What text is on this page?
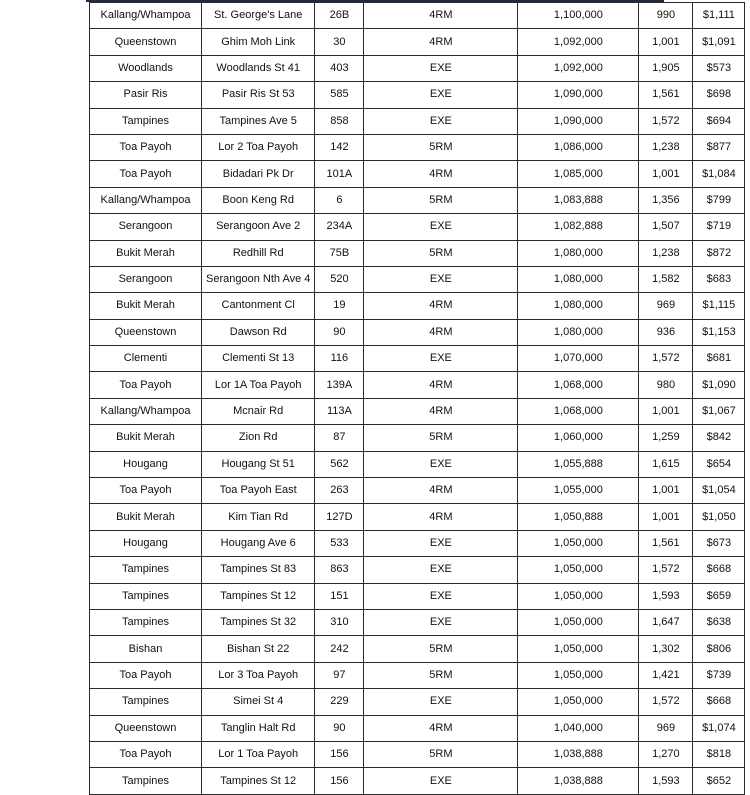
Kallang/Whampoa	St. George's Lane	26B	4RM	1,100,000	990	$1,111
Queenstown	Ghim Moh Link	30	4RM	1,092,000	1,001	$1,091
Woodlands	Woodlands St 41	403	EXE	1,092,000	1,905	$573
Pasir Ris	Pasir Ris St 53	585	EXE	1,090,000	1,561	$698
Tampines	Tampines Ave 5	858	EXE	1,090,000	1,572	$694
Toa Payoh	Lor 2 Toa Payoh	142	5RM	1,086,000	1,238	$877
Toa Payoh	Bidadari Pk Dr	101A	4RM	1,085,000	1,001	$1,084
Kallang/Whampoa	Boon Keng Rd	6	5RM	1,083,888	1,356	$799
Serangoon	Serangoon Ave 2	234A	EXE	1,082,888	1,507	$719
Bukit Merah	Redhill Rd	75B	5RM	1,080,000	1,238	$872
Serangoon	Serangoon Nth Ave 4	520	EXE	1,080,000	1,582	$683
Bukit Merah	Cantonment Cl	19	4RM	1,080,000	969	$1,115
Queenstown	Dawson Rd	90	4RM	1,080,000	936	$1,153
Clementi	Clementi St 13	116	EXE	1,070,000	1,572	$681
Toa Payoh	Lor 1A Toa Payoh	139A	4RM	1,068,000	980	$1,090
Kallang/Whampoa	Mcnair Rd	113A	4RM	1,068,000	1,001	$1,067
Bukit Merah	Zion Rd	87	5RM	1,060,000	1,259	$842
Hougang	Hougang St 51	562	EXE	1,055,888	1,615	$654
Toa Payoh	Toa Payoh East	263	4RM	1,055,000	1,001	$1,054
Bukit Merah	Kim Tian Rd	127D	4RM	1,050,888	1,001	$1,050
Hougang	Hougang Ave 6	533	EXE	1,050,000	1,561	$673
Tampines	Tampines St 83	863	EXE	1,050,000	1,572	$668
Tampines	Tampines St 12	151	EXE	1,050,000	1,593	$659
Tampines	Tampines St 32	310	EXE	1,050,000	1,647	$638
Bishan	Bishan St 22	242	5RM	1,050,000	1,302	$806
Toa Payoh	Lor 3 Toa Payoh	97	5RM	1,050,000	1,421	$739
Tampines	Simei St 4	229	EXE	1,050,000	1,572	$668
Queenstown	Tanglin Halt Rd	90	4RM	1,040,000	969	$1,074
Toa Payoh	Lor 1 Toa Payoh	156	5RM	1,038,888	1,270	$818
Tampines	Tampines St 12	156	EXE	1,038,888	1,593	$652
